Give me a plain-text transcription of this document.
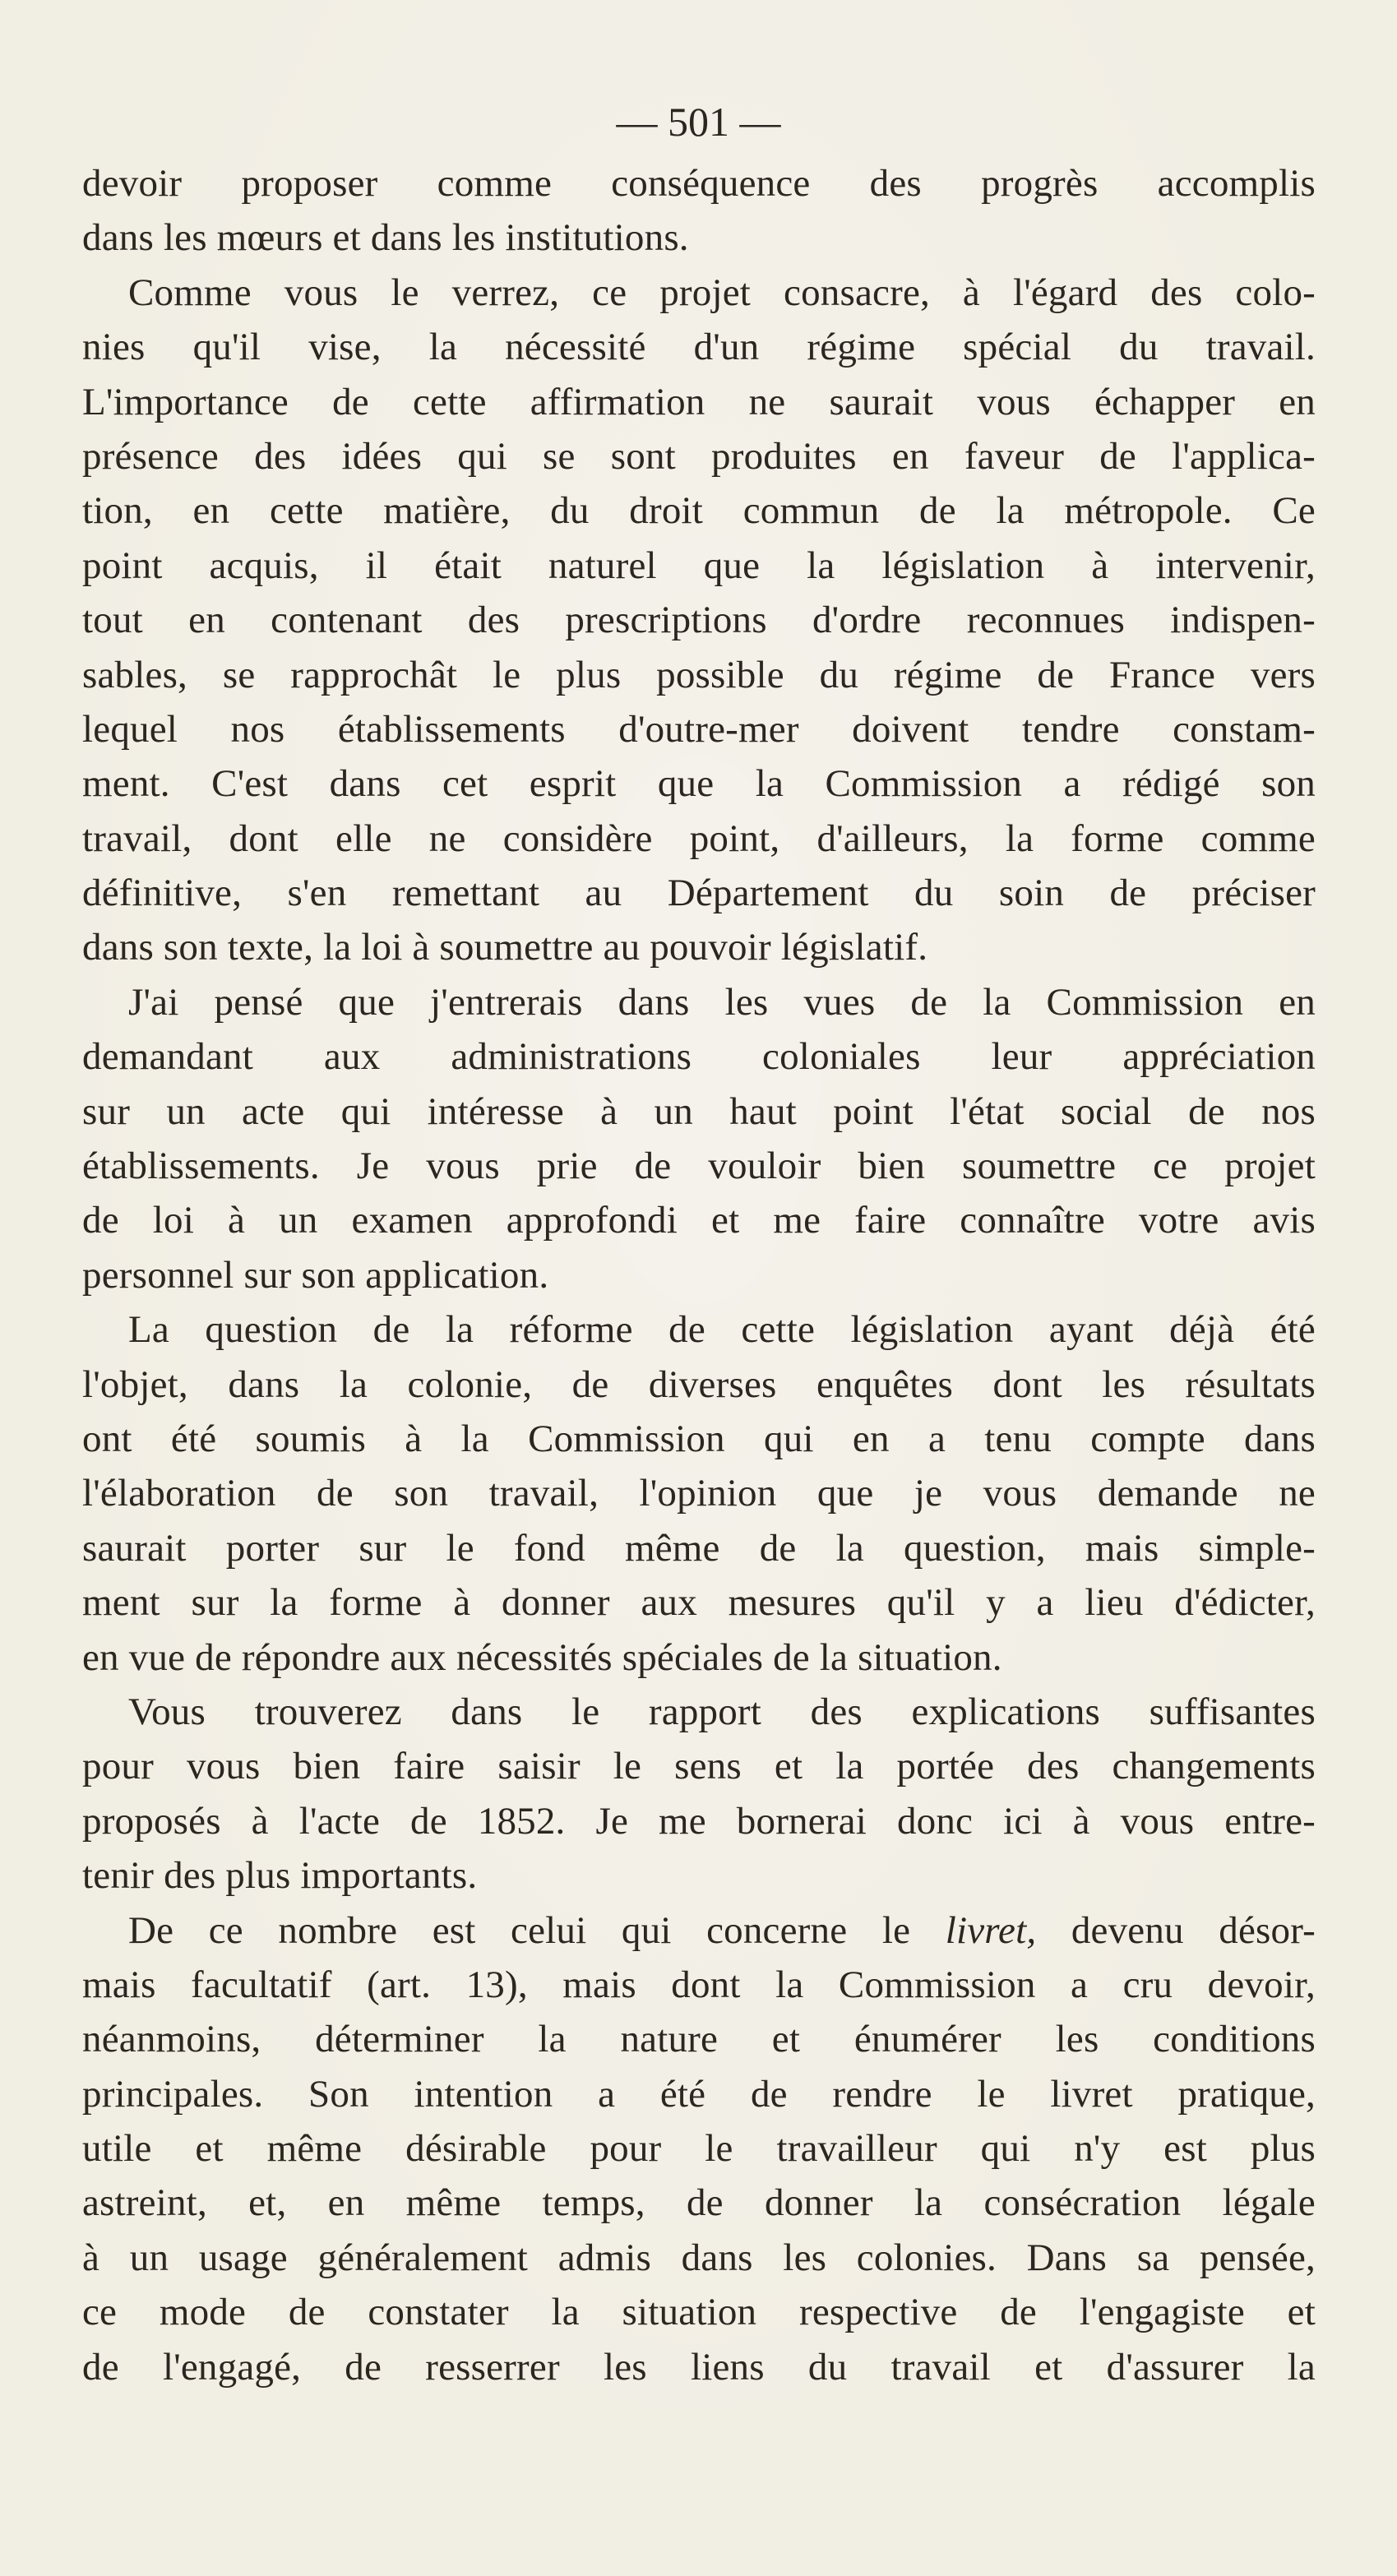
— 501 —
devoir proposer comme conséquence des progrès accomplis
dans les mœurs et dans les institutions.
Comme vous le verrez, ce projet consacre, à l'égard des colo-
nies qu'il vise, la nécessité d'un régime spécial du travail.
L'importance de cette affirmation ne saurait vous échapper en
présence des idées qui se sont produites en faveur de l'applica-
tion, en cette matière, du droit commun de la métropole. Ce
point acquis, il était naturel que la législation à intervenir,
tout en contenant des prescriptions d'ordre reconnues indispen-
sables, se rapprochât le plus possible du régime de France vers
lequel nos établissements d'outre-mer doivent tendre constam-
ment. C'est dans cet esprit que la Commission a rédigé son
travail, dont elle ne considère point, d'ailleurs, la forme comme
définitive, s'en remettant au Département du soin de préciser
dans son texte, la loi à soumettre au pouvoir législatif.
J'ai pensé que j'entrerais dans les vues de la Commission en
demandant aux administrations coloniales leur appréciation
sur un acte qui intéresse à un haut point l'état social de nos
établissements. Je vous prie de vouloir bien soumettre ce projet
de loi à un examen approfondi et me faire connaître votre avis
personnel sur son application.
La question de la réforme de cette législation ayant déjà été
l'objet, dans la colonie, de diverses enquêtes dont les résultats
ont été soumis à la Commission qui en a tenu compte dans
l'élaboration de son travail, l'opinion que je vous demande ne
saurait porter sur le fond même de la question, mais simple-
ment sur la forme à donner aux mesures qu'il y a lieu d'édicter,
en vue de répondre aux nécessités spéciales de la situation.
Vous trouverez dans le rapport des explications suffisantes
pour vous bien faire saisir le sens et la portée des changements
proposés à l'acte de 1852. Je me bornerai donc ici à vous entre-
tenir des plus importants.
De ce nombre est celui qui concerne le livret, devenu désor-
mais facultatif (art. 13), mais dont la Commission a cru devoir,
néanmoins, déterminer la nature et énumérer les conditions
principales. Son intention a été de rendre le livret pratique,
utile et même désirable pour le travailleur qui n'y est plus
astreint, et, en même temps, de donner la consécration légale
à un usage généralement admis dans les colonies. Dans sa pensée,
ce mode de constater la situation respective de l'engagiste et
de l'engagé, de resserrer les liens du travail et d'assurer la
